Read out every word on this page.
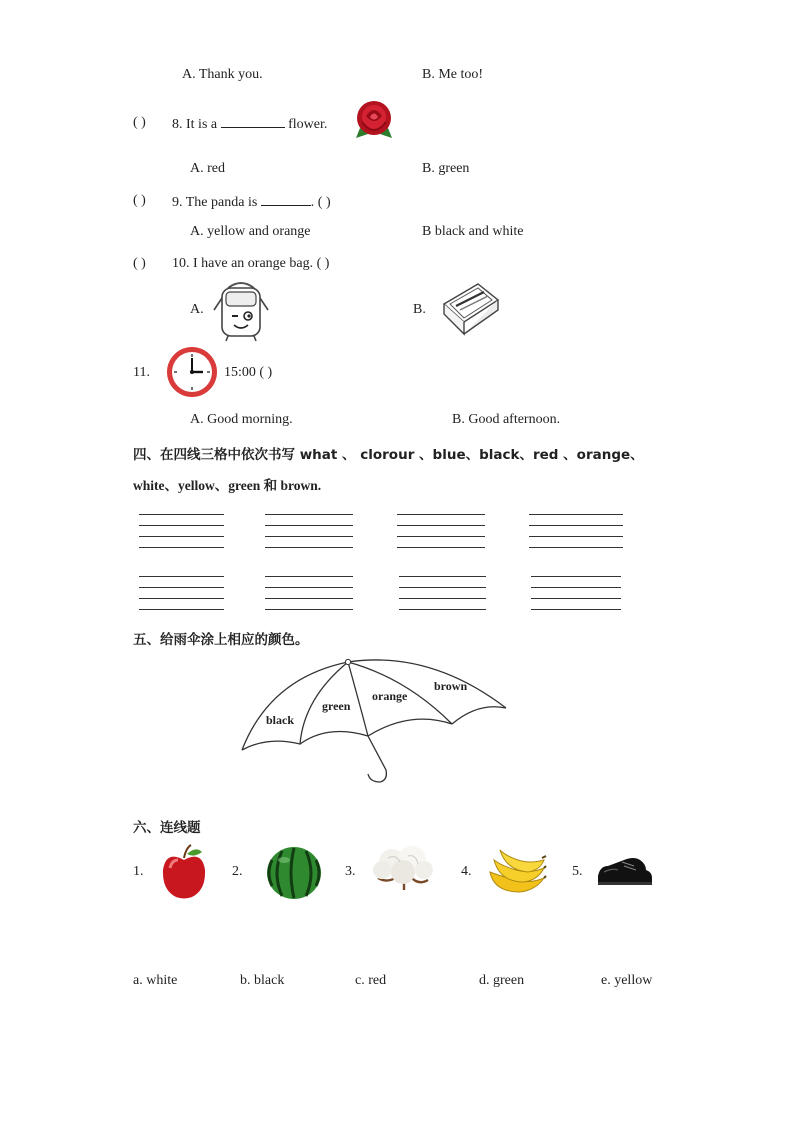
A. Thank you.	B. Me too!
( ) 8. It is a	flower.
A. red	B. green
( ) 9. The panda is	. ( )
A. yellow and orange	B black and white
( ) 10. I have an orange bag. ( )
A.	B.
11.	15:00 ( )
A. Good morning.	B. Good afternoon.
四、在四线三格中依次书写 what 、 clorour 、blue、black、red 、orange、
white、yellow、green 和 brown.
五、给雨伞涂上相应的颜色。
black
green
orange
brown
六、连线题
1.	2.	3.	4.	5.
a. white	b. black	c. red	d. green	e. yellow
